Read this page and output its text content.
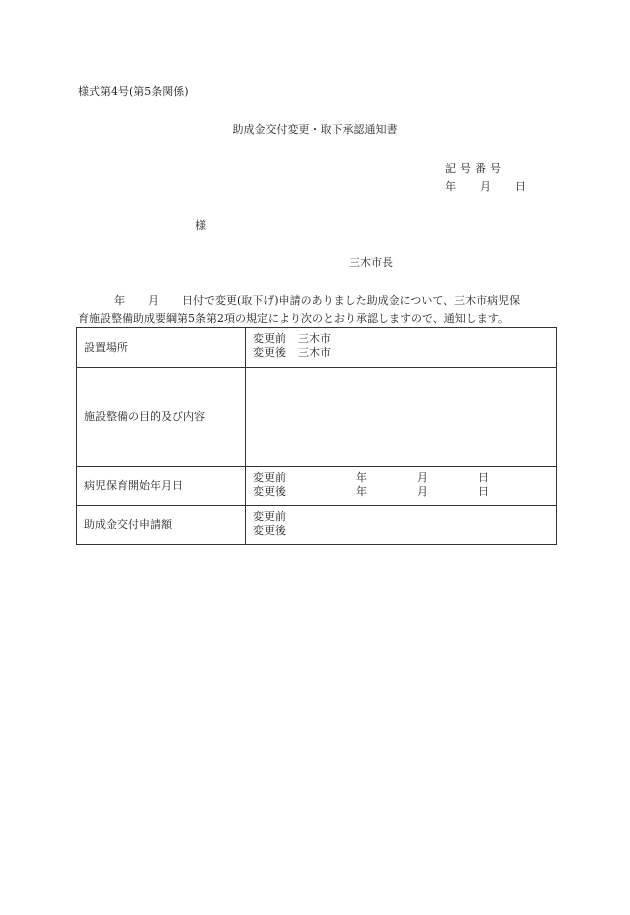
様式第4号(第5条関係)
助成金交付変更・取下承認通知書
記号番号
年 月 日
様
三木市長
年 月 日付で変更(取下げ)申請のありました助成金について、三木市病児保
育施設整備助成要綱第5条第2項の規定により次のとおり承認しますので、通知します。
設置場所	変更前 三木市
変更後 三木市

施設整備の目的及び内容	
病児保育開始年月日	変更前 年 月 日
変更後 年 月 日

助成金交付申請額	変更前
変更後
